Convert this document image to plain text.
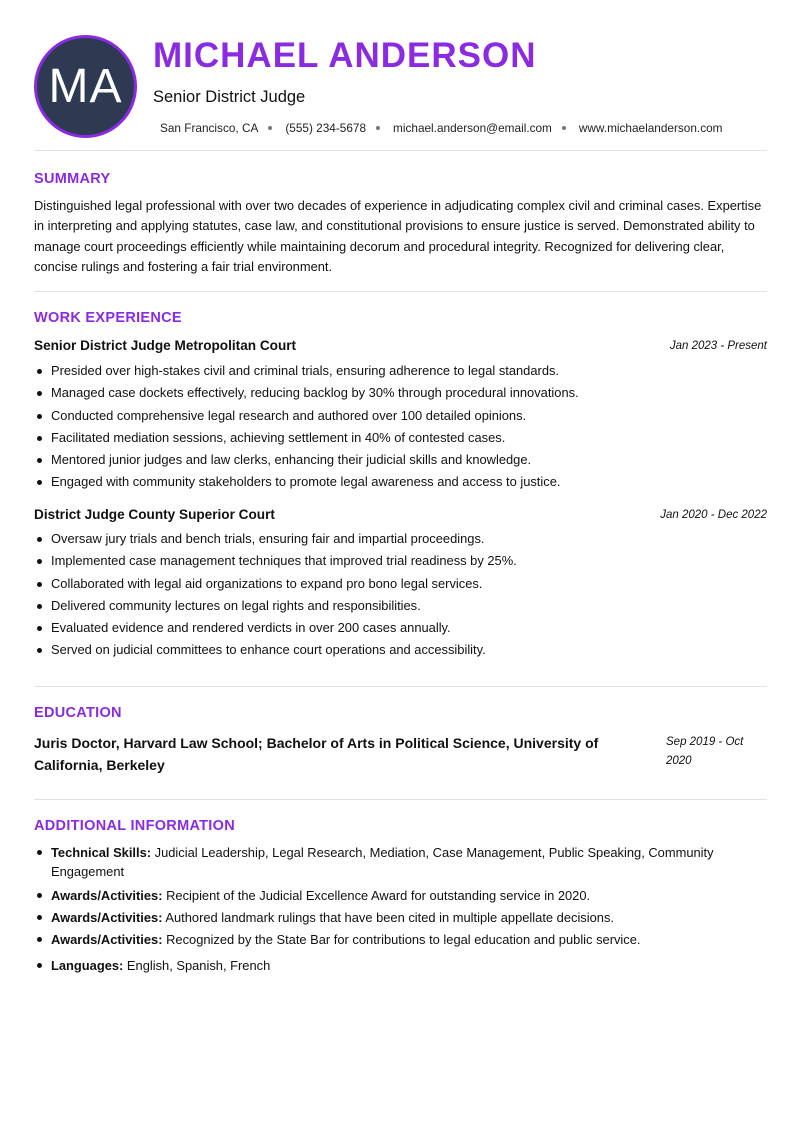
MA
MICHAEL ANDERSON
Senior District Judge
San Francisco, CA (555) 234-5678 michael.anderson@email.com www.michaelanderson.com
SUMMARY
Distinguished legal professional with over two decades of experience in adjudicating complex civil and criminal cases. Expertise in interpreting and applying statutes, case law, and constitutional provisions to ensure justice is served. Demonstrated ability to manage court proceedings efficiently while maintaining decorum and procedural integrity. Recognized for delivering clear, concise rulings and fostering a fair trial environment.
WORK EXPERIENCE
Senior District Judge Metropolitan Court	Jan 2023 - Present
Presided over high-stakes civil and criminal trials, ensuring adherence to legal standards.
Managed case dockets effectively, reducing backlog by 30% through procedural innovations.
Conducted comprehensive legal research and authored over 100 detailed opinions.
Facilitated mediation sessions, achieving settlement in 40% of contested cases.
Mentored junior judges and law clerks, enhancing their judicial skills and knowledge.
Engaged with community stakeholders to promote legal awareness and access to justice.
District Judge County Superior Court	Jan 2020 - Dec 2022
Oversaw jury trials and bench trials, ensuring fair and impartial proceedings.
Implemented case management techniques that improved trial readiness by 25%.
Collaborated with legal aid organizations to expand pro bono legal services.
Delivered community lectures on legal rights and responsibilities.
Evaluated evidence and rendered verdicts in over 200 cases annually.
Served on judicial committees to enhance court operations and accessibility.
EDUCATION
Juris Doctor, Harvard Law School; Bachelor of Arts in Political Science, University of California, Berkeley
Sep 2019 - Oct 2020
ADDITIONAL INFORMATION
Technical Skills: Judicial Leadership, Legal Research, Mediation, Case Management, Public Speaking, Community Engagement
Awards/Activities: Recipient of the Judicial Excellence Award for outstanding service in 2020.
Awards/Activities: Authored landmark rulings that have been cited in multiple appellate decisions.
Awards/Activities: Recognized by the State Bar for contributions to legal education and public service.
Languages: English, Spanish, French
